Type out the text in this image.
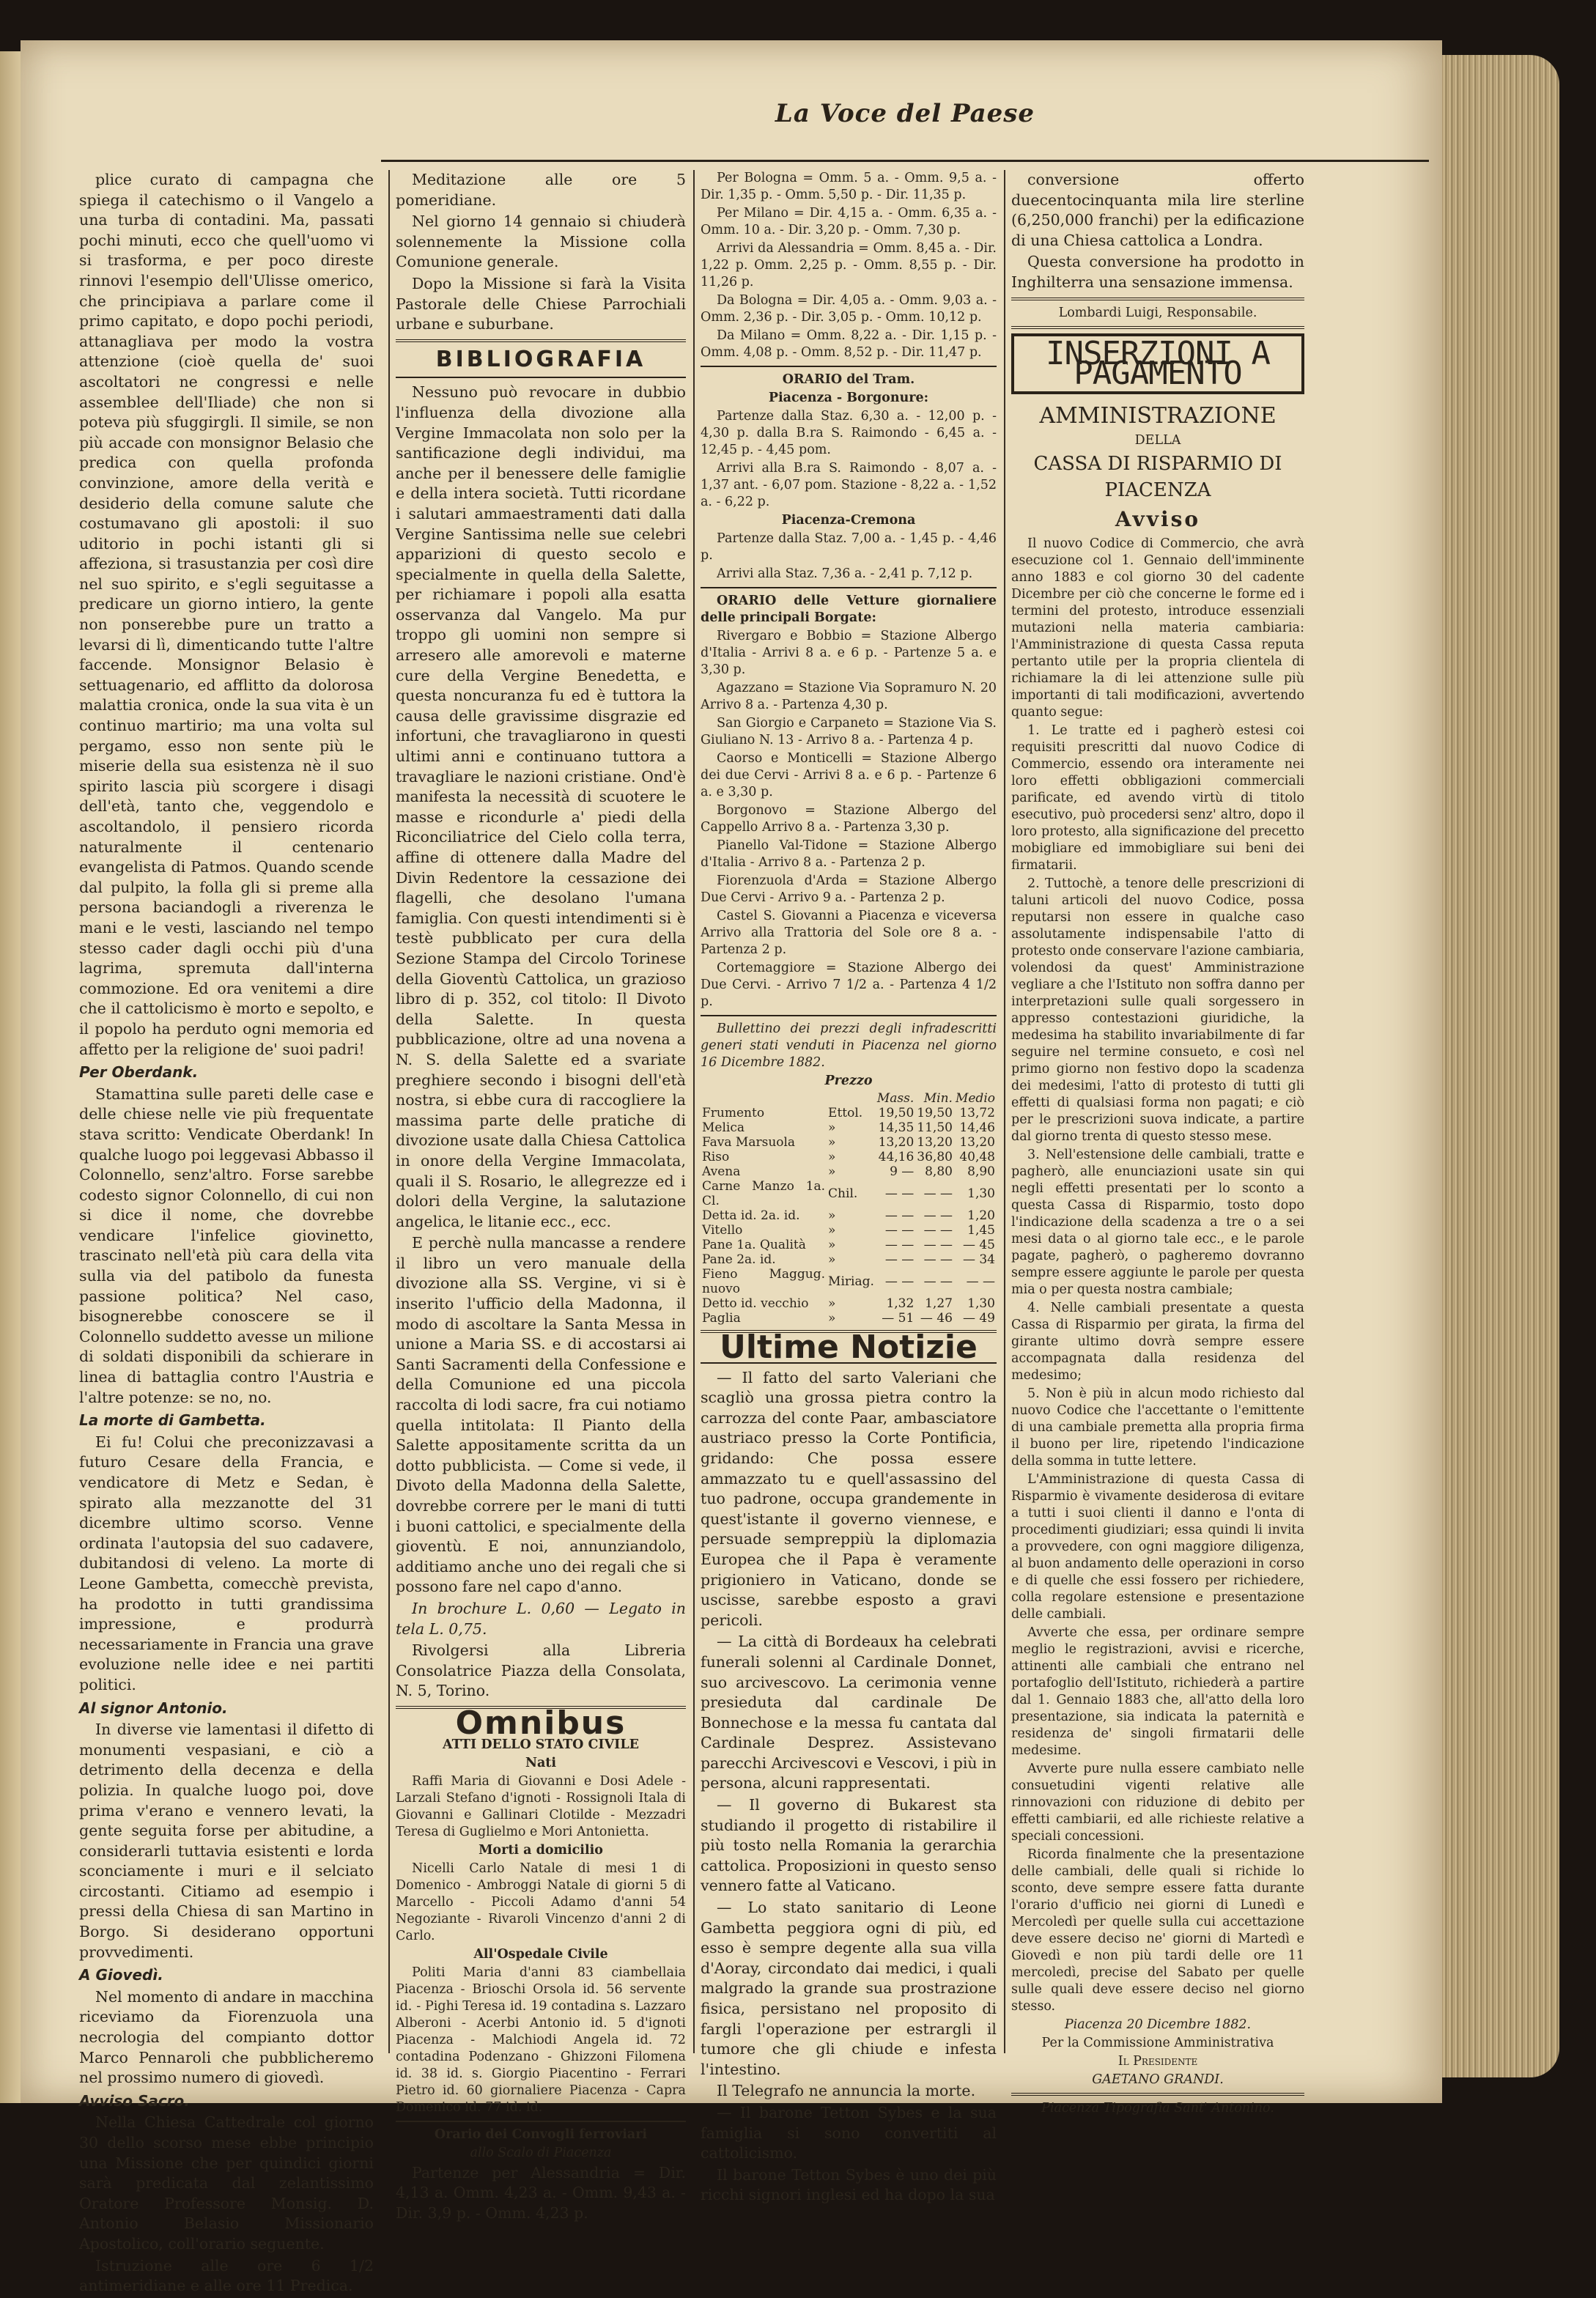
La Voce del Paese

plice curato di campagna che spiega il catechismo o il Vangelo a una turba di contadini. Ma, passati pochi minuti, ecco che quell'uomo vi si trasforma, e per poco direste rinnovi l'esempio dell'Ulisse omerico, che principiava a parlare come il primo capitato, e dopo pochi periodi, attanagliava per modo la vostra attenzione (cioè quella de' suoi ascoltatori ne congressi e nelle assemblee dell'Iliade) che non si poteva più sfuggirgli. Il simile, se non più accade con monsignor Belasio che predica con quella profonda convinzione, amore della verità e desiderio della comune salute che costumavano gli apostoli: il suo uditorio in pochi istanti gli si affeziona, si trasustanzia per così dire nel suo spirito, e s'egli seguitasse a predicare un giorno intiero, la gente non ponserebbe pure un tratto a levarsi di lì, dimenticando tutte l'altre faccende. Monsignor Belasio è settuagenario, ed afflitto da dolorosa malattia cronica, onde la sua vita è un continuo martirio; ma una volta sul pergamo, esso non sente più le miserie della sua esistenza nè il suo spirito lascia più scorgere i disagi dell'età, tanto che, veggendolo e ascoltandolo, il pensiero ricorda naturalmente il centenario evangelista di Patmos. Quando scende dal pulpito, la folla gli si preme alla persona baciandogli a riverenza le mani e le vesti, lasciando nel tempo stesso cader dagli occhi più d'una lagrima, spremuta dall'interna commozione. Ed ora venitemi a dire che il cattolicismo è morto e sepolto, e il popolo ha perduto ogni memoria ed affetto per la religione de' suoi padri!

Per Oberdank.

Stamattina sulle pareti delle case e delle chiese nelle vie più frequentate stava scritto: Vendicate Oberdank! In qualche luogo poi leggevasi Abbasso il Colonnello, senz'altro. Forse sarebbe codesto signor Colonnello, di cui non si dice il nome, che dovrebbe vendicare l'infelice giovinetto, trascinato nell'età più cara della vita sulla via del patibolo da funesta passione politica? Nel caso, bisognerebbe conoscere se il Colonnello suddetto avesse un milione di soldati disponibili da schierare in linea di battaglia contro l'Austria e l'altre potenze: se no, no.

La morte di Gambetta.

Ei fu! Colui che preconizzavasi a futuro Cesare della Francia, e vendicatore di Metz e Sedan, è spirato alla mezzanotte del 31 dicembre ultimo scorso. Venne ordinata l'autopsia del suo cadavere, dubitandosi di veleno. La morte di Leone Gambetta, comecchè prevista, ha prodotto in tutti grandissima impressione, e produrrà necessariamente in Francia una grave evoluzione nelle idee e nei partiti politici.

Al signor Antonio.

In diverse vie lamentasi il difetto di monumenti vespasiani, e ciò a detrimento della decenza e della polizia. In qualche luogo poi, dove prima v'erano e vennero levati, la gente seguita forse per abitudine, a considerarli tuttavia esistenti e lorda sconciamente i muri e il selciato circostanti. Citiamo ad esempio i pressi della Chiesa di san Martino in Borgo. Si desiderano opportuni provvedimenti.

A Giovedì.

Nel momento di andare in macchina riceviamo da Fiorenzuola una necrologia del compianto dottor Marco Pennaroli che pubblicheremo nel prossimo numero di giovedì.

Avviso Sacro.

Nella Chiesa Cattedrale col giorno 30 dello scorso mese ebbe principio una Missione che per quindici giorni sarà predicata dal zelantissimo Oratore Professore Monsig. D. Antonio Belasio Missionario Apostolico, coll'orario seguente.

Istruzione alle ore 6 1/2 antimeridiane e alle ore 11 Predica.

Meditazione alle ore 5 pomeridiane.

Nel giorno 14 gennaio si chiuderà solennemente la Missione colla Comunione generale.

Dopo la Missione si farà la Visita Pastorale delle Chiese Parrochiali urbane e suburbane.

BIBLIOGRAFIA

Nessuno può revocare in dubbio l'influenza della divozione alla Vergine Immacolata non solo per la santificazione degli individui, ma anche per il benessere delle famiglie e della intera società. Tutti ricordane i salutari ammaestramenti dati dalla Vergine Santissima nelle sue celebri apparizioni di questo secolo e specialmente in quella della Salette, per richiamare i popoli alla esatta osservanza dal Vangelo. Ma pur troppo gli uomini non sempre si arresero alle amorevoli e materne cure della Vergine Benedetta, e questa noncuranza fu ed è tuttora la causa delle gravissime disgrazie ed infortuni, che travagliarono in questi ultimi anni e continuano tuttora a travagliare le nazioni cristiane. Ond'è manifesta la necessità di scuotere le masse e ricondurle a' piedi della Riconciliatrice del Cielo colla terra, affine di ottenere dalla Madre del Divin Redentore la cessazione dei flagelli, che desolano l'umana famiglia. Con questi intendimenti si è testè pubblicato per cura della Sezione Stampa del Circolo Torinese della Gioventù Cattolica, un grazioso libro di p. 352, col titolo: Il Divoto della Salette. In questa pubblicazione, oltre ad una novena a N. S. della Salette ed a svariate preghiere secondo i bisogni dell'età nostra, si ebbe cura di raccogliere la massima parte delle pratiche di divozione usate dalla Chiesa Cattolica in onore della Vergine Immacolata, quali il S. Rosario, le allegrezze ed i dolori della Vergine, la salutazione angelica, le litanie ecc., ecc.

E perchè nulla mancasse a rendere il libro un vero manuale della divozione alla SS. Vergine, vi si è inserito l'ufficio della Madonna, il modo di ascoltare la Santa Messa in unione a Maria SS. e di accostarsi ai Santi Sacramenti della Confessione e della Comunione ed una piccola raccolta di lodi sacre, fra cui notiamo quella intitolata: Il Pianto della Salette appositamente scritta da un dotto pubblicista. — Come si vede, il Divoto della Madonna della Salette, dovrebbe correre per le mani di tutti i buoni cattolici, e specialmente della gioventù. E noi, annunziandolo, additiamo anche uno dei regali che si possono fare nel capo d'anno.

In brochure L. 0,60 — Legato in tela L. 0,75.

Rivolgersi alla Libreria Consolatrice Piazza della Consolata, N. 5, Torino.

Omnibus

ATTI DELLO STATO CIVILE

Nati

Raffi Maria di Giovanni e Dosi Adele - Larzali Stefano d'ignoti - Rossignoli Itala di Giovanni e Gallinari Clotilde - Mezzadri Teresa di Guglielmo e Mori Antonietta.

Morti a domicilio

Nicelli Carlo Natale di mesi 1 di Domenico - Ambroggi Natale di giorni 5 di Marcello - Piccoli Adamo d'anni 54 Negoziante - Rivaroli Vincenzo d'anni 2 di Carlo.

All'Ospedale Civile

Politi Maria d'anni 83 ciambellaia Piacenza - Brioschi Orsola id. 56 servente id. - Pighi Teresa id. 19 contadina s. Lazzaro Alberoni - Acerbi Antonio id. 5 d'ignoti Piacenza - Malchiodi Angela id. 72 contadina Podenzano - Ghizzoni Filomena id. 38 id. s. Giorgio Piacentino - Ferrari Pietro id. 60 giornaliere Piacenza - Capra Domenico id. 77 id. id.

Orario dei Convogli ferroviari

allo Scalo di Piacenza

Partenze per Alessandria = Dir. 4,13 a. Omm. 4,23 a. - Omm. 9,43 a. - Dir. 3,9 p. - Omm. 4,23 p.

Per Bologna = Omm. 5 a. - Omm. 9,5 a. - Dir. 1,35 p. - Omm. 5,50 p. - Dir. 11,35 p.

Per Milano = Dir. 4,15 a. - Omm. 6,35 a. - Omm. 10 a. - Dir. 3,20 p. - Omm. 7,30 p.

Arrivi da Alessandria = Omm. 8,45 a. - Dir. 1,22 p. Omm. 2,25 p. - Omm. 8,55 p. - Dir. 11,26 p.

Da Bologna = Dir. 4,05 a. - Omm. 9,03 a. - Omm. 2,36 p. - Dir. 3,05 p. - Omm. 10,12 p.

Da Milano = Omm. 8,22 a. - Dir. 1,15 p. - Omm. 4,08 p. - Omm. 8,52 p. - Dir. 11,47 p.

ORARIO del Tram.

Piacenza - Borgonure:

Partenze dalla Staz. 6,30 a. - 12,00 p. - 4,30 p. dalla B.ra S. Raimondo - 6,45 a. - 12,45 p. - 4,45 pom.

Arrivi alla B.ra S. Raimondo - 8,07 a. - 1,37 ant. - 6,07 pom. Stazione - 8,22 a. - 1,52 a. - 6,22 p.

Piacenza-Cremona

Partenze dalla Staz. 7,00 a. - 1,45 p. - 4,46 p.

Arrivi alla Staz. 7,36 a. - 2,41 p. 7,12 p.

ORARIO delle Vetture giornaliere delle principali Borgate:

Rivergaro e Bobbio = Stazione Albergo d'Italia - Arrivi 8 a. e 6 p. - Partenze 5 a. e 3,30 p.

Agazzano = Stazione Via Sopramuro N. 20 Arrivo 8 a. - Partenza 4,30 p.

San Giorgio e Carpaneto = Stazione Via S. Giuliano N. 13 - Arrivo 8 a. - Partenza 4 p.

Caorso e Monticelli = Stazione Albergo dei due Cervi - Arrivi 8 a. e 6 p. - Partenze 6 a. e 3,30 p.

Borgonovo = Stazione Albergo del Cappello Arrivo 8 a. - Partenza 3,30 p.

Pianello Val-Tidone = Stazione Albergo d'Italia - Arrivo 8 a. - Partenza 2 p.

Fiorenzuola d'Arda = Stazione Albergo Due Cervi - Arrivo 9 a. - Partenza 2 p.

Castel S. Giovanni a Piacenza e viceversa Arrivo alla Trattoria del Sole ore 8 a. - Partenza 2 p.

Cortemaggiore = Stazione Albergo dei Due Cervi. - Arrivo 7 1/2 a. - Partenza 4 1/2 p.

Bullettino dei prezzi degli infradescritti generi stati venduti in Piacenza nel giorno 16 Dicembre 1882.

Prezzo

		Mass.	Min.	Medio
Frumento	Ettol.	19,50	19,50	13,72
Melica	»	14,35	11,50	14,46
Fava Marsuola	»	13,20	13,20	13,20
Riso	»	44,16	36,80	40,48
Avena	»	9 —	8,80	8,90
Carne Manzo 1a. Cl.	Chil.	— —	— —	1,30
Detta id. 2a. id.	»	— —	— —	1,20
Vitello	»	— —	— —	1,45
Pane 1a. Qualità	»	— —	— —	— 45
Pane 2a. id.	»	— —	— —	— 34
Fieno Maggug. nuovo	Miriag.	— —	— —	— —
Detto id. vecchio	»	1,32	1,27	1,30
Paglia	»	— 51	— 46	— 49
Ultime Notizie

— Il fatto del sarto Valeriani che scagliò una grossa pietra contro la carrozza del conte Paar, ambasciatore austriaco presso la Corte Pontificia, gridando: Che possa essere ammazzato tu e quell'assassino del tuo padrone, occupa grandemente in quest'istante il governo viennese, e persuade sempreppiù la diplomazia Europea che il Papa è veramente prigioniero in Vaticano, donde se uscisse, sarebbe esposto a gravi pericoli.

— La città di Bordeaux ha celebrati funerali solenni al Cardinale Donnet, suo arcivescovo. La cerimonia venne presieduta dal cardinale De Bonnechose e la messa fu cantata dal Cardinale Desprez. Assistevano parecchi Arcivescovi e Vescovi, i più in persona, alcuni rappresentati.

— Il governo di Bukarest sta studiando il progetto di ristabilire il più tosto nella Romania la gerarchia cattolica. Proposizioni in questo senso vennero fatte al Vaticano.

— Lo stato sanitario di Leone Gambetta peggiora ogni di più, ed esso è sempre degente alla sua villa d'Aoray, circondato dai medici, i quali malgrado la grande sua prostrazione fisica, persistano nel proposito di fargli l'operazione per estrargli il tumore che gli chiude e infesta l'intestino.

Il Telegrafo ne annuncia la morte.

— Il barone Tetton Sybes e la sua famiglia si sono convertiti al cattolicismo.

Il barone Tetton Sybes è uno dei più ricchi signori inglesi ed ha dopo la sua

conversione offerto duecentocinquanta mila lire sterline (6,250,000 franchi) per la edificazione di una Chiesa cattolica a Londra.

Questa conversione ha prodotto in Inghilterra una sensazione immensa.

Lombardi Luigi, Responsabile.

INSERZIONI A PAGAMENTO

AMMINISTRAZIONE

DELLA

CASSA DI RISPARMIO DI PIACENZA

Avviso

Il nuovo Codice di Commercio, che avrà esecuzione col 1. Gennaio dell'imminente anno 1883 e col giorno 30 del cadente Dicembre per ciò che concerne le forme ed i termini del protesto, introduce essenziali mutazioni nella materia cambiaria: l'Amministrazione di questa Cassa reputa pertanto utile per la propria clientela di richiamare la di lei attenzione sulle più importanti di tali modificazioni, avvertendo quanto segue:

1. Le tratte ed i pagherò estesi coi requisiti prescritti dal nuovo Codice di Commercio, essendo ora interamente nei loro effetti obbligazioni commerciali parificate, ed avendo virtù di titolo esecutivo, può procedersi senz' altro, dopo il loro protesto, alla significazione del precetto mobigliare ed immobigliare sui beni dei firmatarii.

2. Tuttochè, a tenore delle prescrizioni di taluni articoli del nuovo Codice, possa reputarsi non essere in qualche caso assolutamente indispensabile l'atto di protesto onde conservare l'azione cambiaria, volendosi da quest' Amministrazione vegliare a che l'Istituto non soffra danno per interpretazioni sulle quali sorgessero in appresso contestazioni giuridiche, la medesima ha stabilito invariabilmente di far seguire nel termine consueto, e così nel primo giorno non festivo dopo la scadenza dei medesimi, l'atto di protesto di tutti gli effetti di qualsiasi forma non pagati; e ciò per le prescrizioni suova indicate, a partire dal giorno trenta di questo stesso mese.

3. Nell'estensione delle cambiali, tratte e pagherò, alle enunciazioni usate sin qui negli effetti presentati per lo sconto a questa Cassa di Risparmio, tosto dopo l'indicazione della scadenza a tre o a sei mesi data o al giorno tale ecc., e le parole pagate, pagherò, o pagheremo dovranno sempre essere aggiunte le parole per questa mia o per questa nostra cambiale;

4. Nelle cambiali presentate a questa Cassa di Risparmio per girata, la firma del girante ultimo dovrà sempre essere accompagnata dalla residenza del medesimo;

5. Non è più in alcun modo richiesto dal nuovo Codice che l'accettante o l'emittente di una cambiale premetta alla propria firma il buono per lire, ripetendo l'indicazione della somma in tutte lettere.

L'Amministrazione di questa Cassa di Risparmio è vivamente desiderosa di evitare a tutti i suoi clienti il danno e l'onta di procedimenti giudiziari; essa quindi li invita a provvedere, con ogni maggiore diligenza, al buon andamento delle operazioni in corso e di quelle che essi fossero per richiedere, colla regolare estensione e presentazione delle cambiali.

Avverte che essa, per ordinare sempre meglio le registrazioni, avvisi e ricerche, attinenti alle cambiali che entrano nel portafoglio dell'Istituto, richiederà a partire dal 1. Gennaio 1883 che, all'atto della loro presentazione, sia indicata la paternità e residenza de' singoli firmatarii delle medesime.

Avverte pure nulla essere cambiato nelle consuetudini vigenti relative alle rinnovazioni con riduzione di debito per effetti cambiarii, ed alle richieste relative a speciali concessioni.

Ricorda finalmente che la presentazione delle cambiali, delle quali si richide lo sconto, deve sempre essere fatta durante l'orario d'ufficio nei giorni di Lunedì e Mercoledì per quelle sulla cui accettazione deve essere deciso ne' giorni di Martedì e Giovedì e non più tardi delle ore 11 mercoledì, precise del Sabato per quelle sulle quali deve essere deciso nel giorno stesso.

Piacenza 20 Dicembre 1882.

Per la Commissione Amministrativa

Il Presidente

GAETANO GRANDI.

Piacenza Tipografia Sant' Antonino.
